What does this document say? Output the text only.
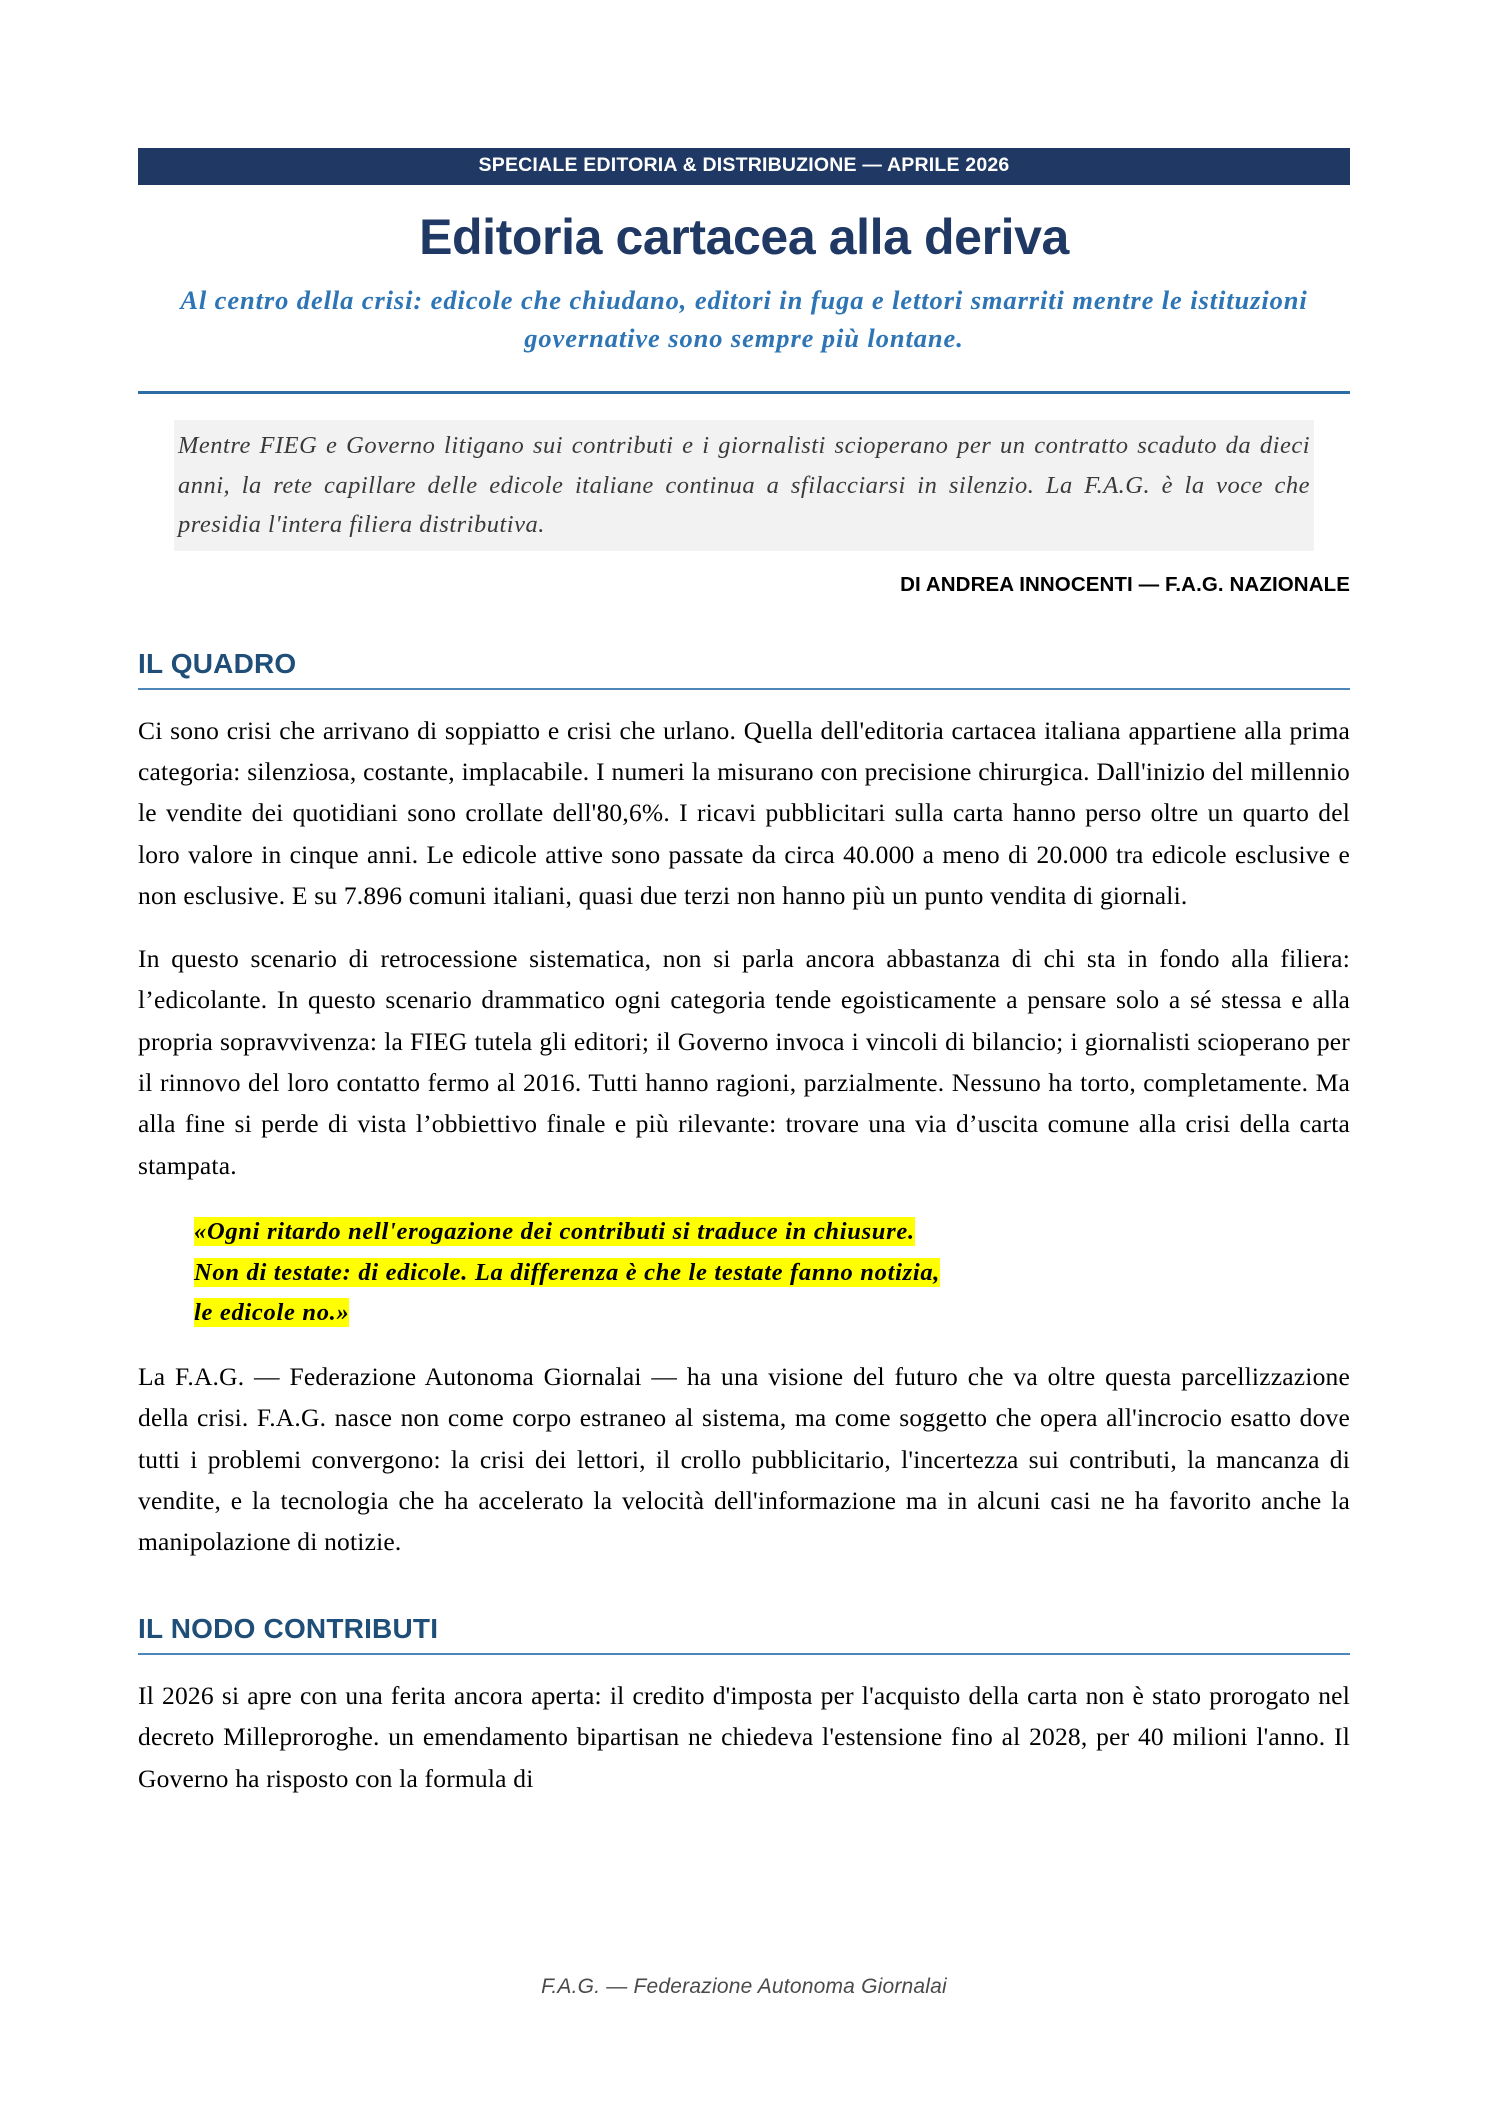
SPECIALE EDITORIA & DISTRIBUZIONE — APRILE 2026
Editoria cartacea alla deriva
Al centro della crisi: edicole che chiudano, editori in fuga e lettori smarriti mentre le istituzioni governative sono sempre più lontane.
Mentre FIEG e Governo litigano sui contributi e i giornalisti scioperano per un contratto scaduto da dieci anni, la rete capillare delle edicole italiane continua a sfilacciarsi in silenzio. La F.A.G. è la voce che presidia l'intera filiera distributiva.
DI ANDREA INNOCENTI — F.A.G. NAZIONALE
IL QUADRO

Ci sono crisi che arrivano di soppiatto e crisi che urlano. Quella dell'editoria cartacea italiana appartiene alla prima categoria: silenziosa, costante, implacabile. I numeri la misurano con precisione chirurgica. Dall'inizio del millennio le vendite dei quotidiani sono crollate dell'80,6%. I ricavi pubblicitari sulla carta hanno perso oltre un quarto del loro valore in cinque anni. Le edicole attive sono passate da circa 40.000 a meno di 20.000 tra edicole esclusive e non esclusive. E su 7.896 comuni italiani, quasi due terzi non hanno più un punto vendita di giornali.

In questo scenario di retrocessione sistematica, non si parla ancora abbastanza di chi sta in fondo alla filiera: l’edicolante. In questo scenario drammatico ogni categoria tende egoisticamente a pensare solo a sé stessa e alla propria sopravvivenza: la FIEG tutela gli editori; il Governo invoca i vincoli di bilancio; i giornalisti scioperano per il rinnovo del loro contatto fermo al 2016. Tutti hanno ragioni, parzialmente. Nessuno ha torto, completamente. Ma alla fine si perde di vista l’obbiettivo finale e più rilevante: trovare una via d’uscita comune alla crisi della carta stampata.

«Ogni ritardo nell'erogazione dei contributi si traduce in chiusure.
Non di testate: di edicole. La differenza è che le testate fanno notizia,
le edicole no.»

La F.A.G. — Federazione Autonoma Giornalai — ha una visione del futuro che va oltre questa parcellizzazione della crisi. F.A.G. nasce non come corpo estraneo al sistema, ma come soggetto che opera all'incrocio esatto dove tutti i problemi convergono: la crisi dei lettori, il crollo pubblicitario, l'incertezza sui contributi, la mancanza di vendite, e la tecnologia che ha accelerato la velocità dell'informazione ma in alcuni casi ne ha favorito anche la manipolazione di notizie.

IL NODO CONTRIBUTI

Il 2026 si apre con una ferita ancora aperta: il credito d'imposta per l'acquisto della carta non è stato prorogato nel decreto Milleproroghe. un emendamento bipartisan ne chiedeva l'estensione fino al 2028, per 40 milioni l'anno. Il Governo ha risposto con la formula di

F.A.G. — Federazione Autonoma Giornalai
